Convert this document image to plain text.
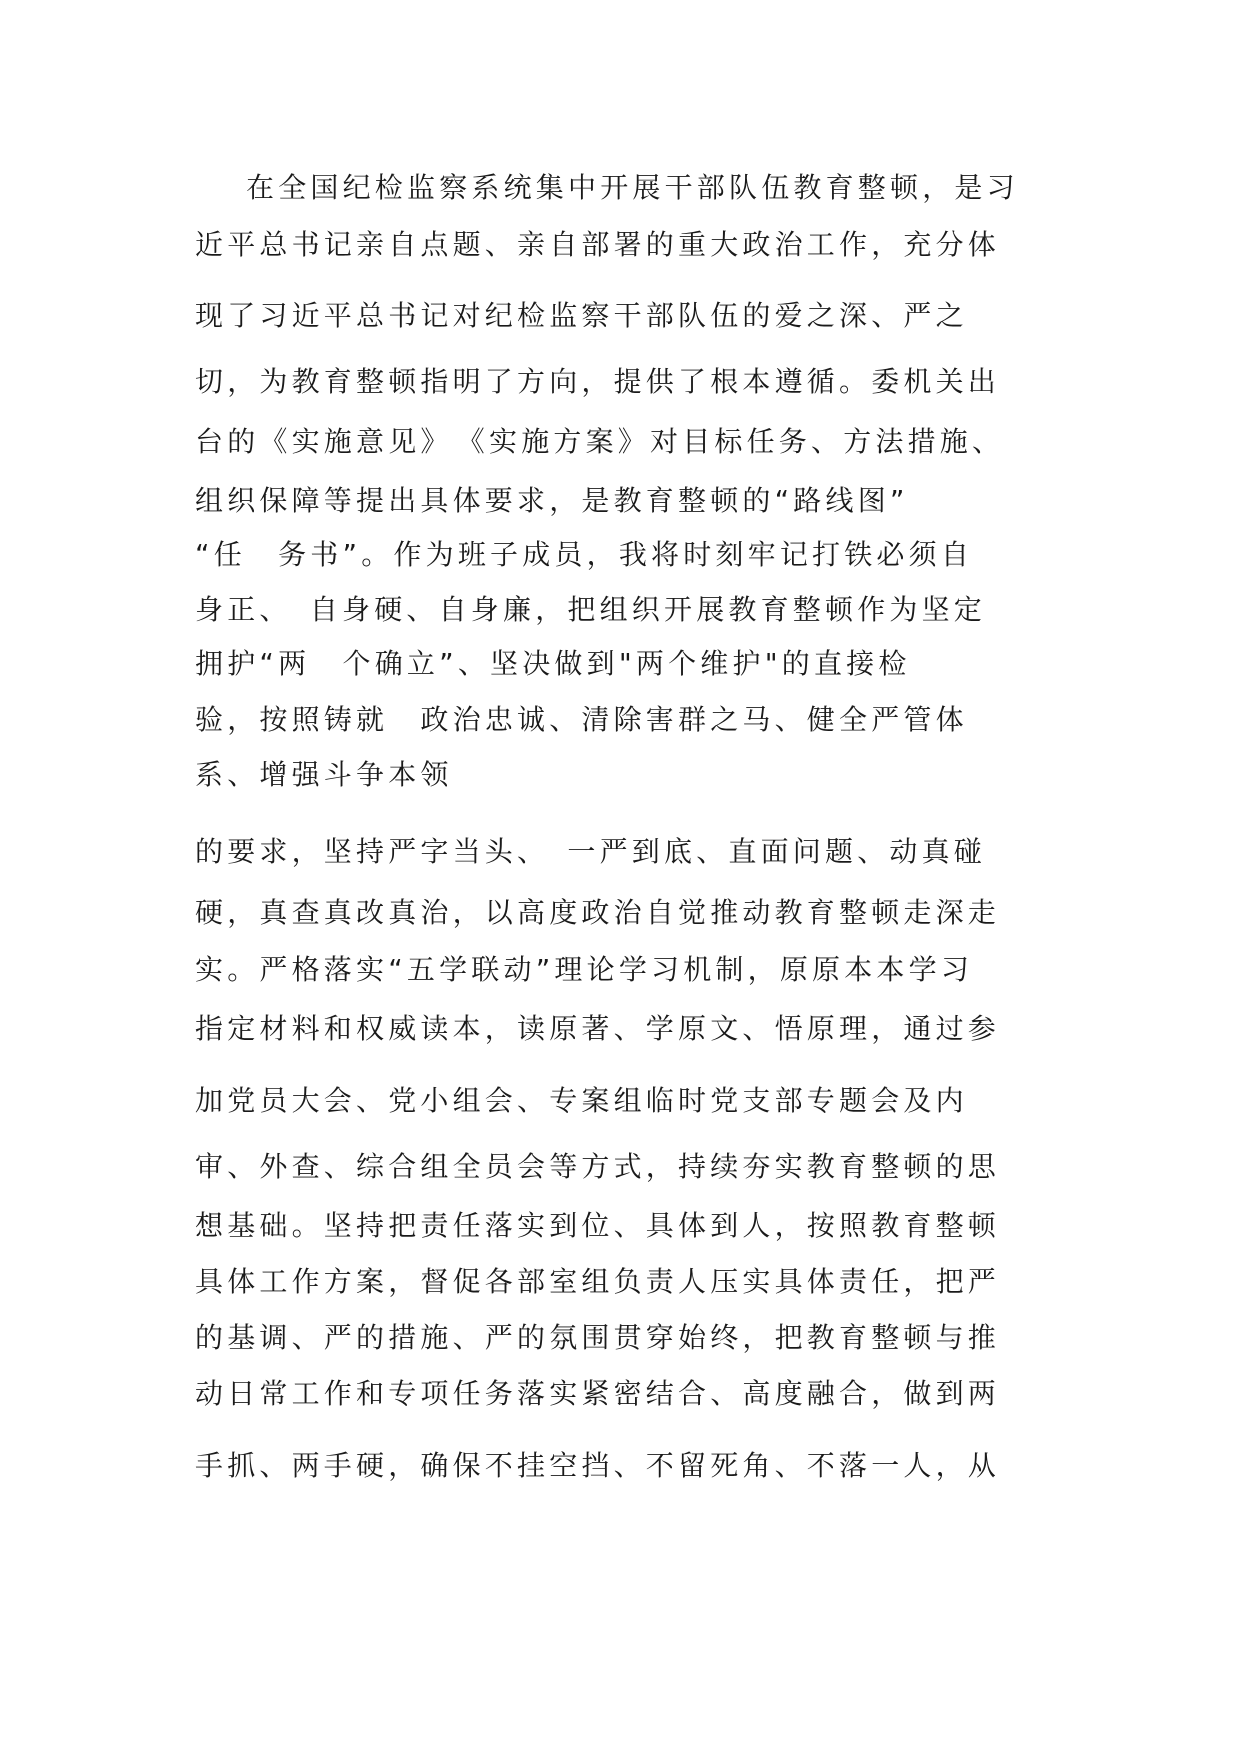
在全国纪检监察系统集中开展干部队伍教育整顿，是习

近平总书记亲自点题、亲自部署的重大政治工作，充分体

现了习近平总书记对纪检监察干部队伍的爱之深、严之

切，为教育整顿指明了方向，提供了根本遵循。委机关出

台的《实施意见》　《实施方案》对目标任务、方法措施、

组织保障等提出具体要求，是教育整顿的“路线图”

“任　务书”。作为班子成员，我将时刻牢记打铁必须自

身正、　自身硬、自身廉，把组织开展教育整顿作为坚定

拥护“两　个确立”、坚决做到"两个维护"的直接检

验，按照铸就　政治忠诚、清除害群之马、健全严管体

系、增强斗争本领

的要求，坚持严字当头、　一严到底、直面问题、动真碰

硬，真查真改真治，以高度政治自觉推动教育整顿走深走

实。严格落实“五学联动”理论学习机制，原原本本学习

指定材料和权威读本，读原著、学原文、悟原理，通过参

加党员大会、党小组会、专案组临时党支部专题会及内

审、外查、综合组全员会等方式，持续夯实教育整顿的思

想基础。坚持把责任落实到位、具体到人，按照教育整顿

具体工作方案，督促各部室组负责人压实具体责任，把严

的基调、严的措施、严的氛围贯穿始终，把教育整顿与推

动日常工作和专项任务落实紧密结合、高度融合，做到两

手抓、两手硬，确保不挂空挡、不留死角、不落一人，从
